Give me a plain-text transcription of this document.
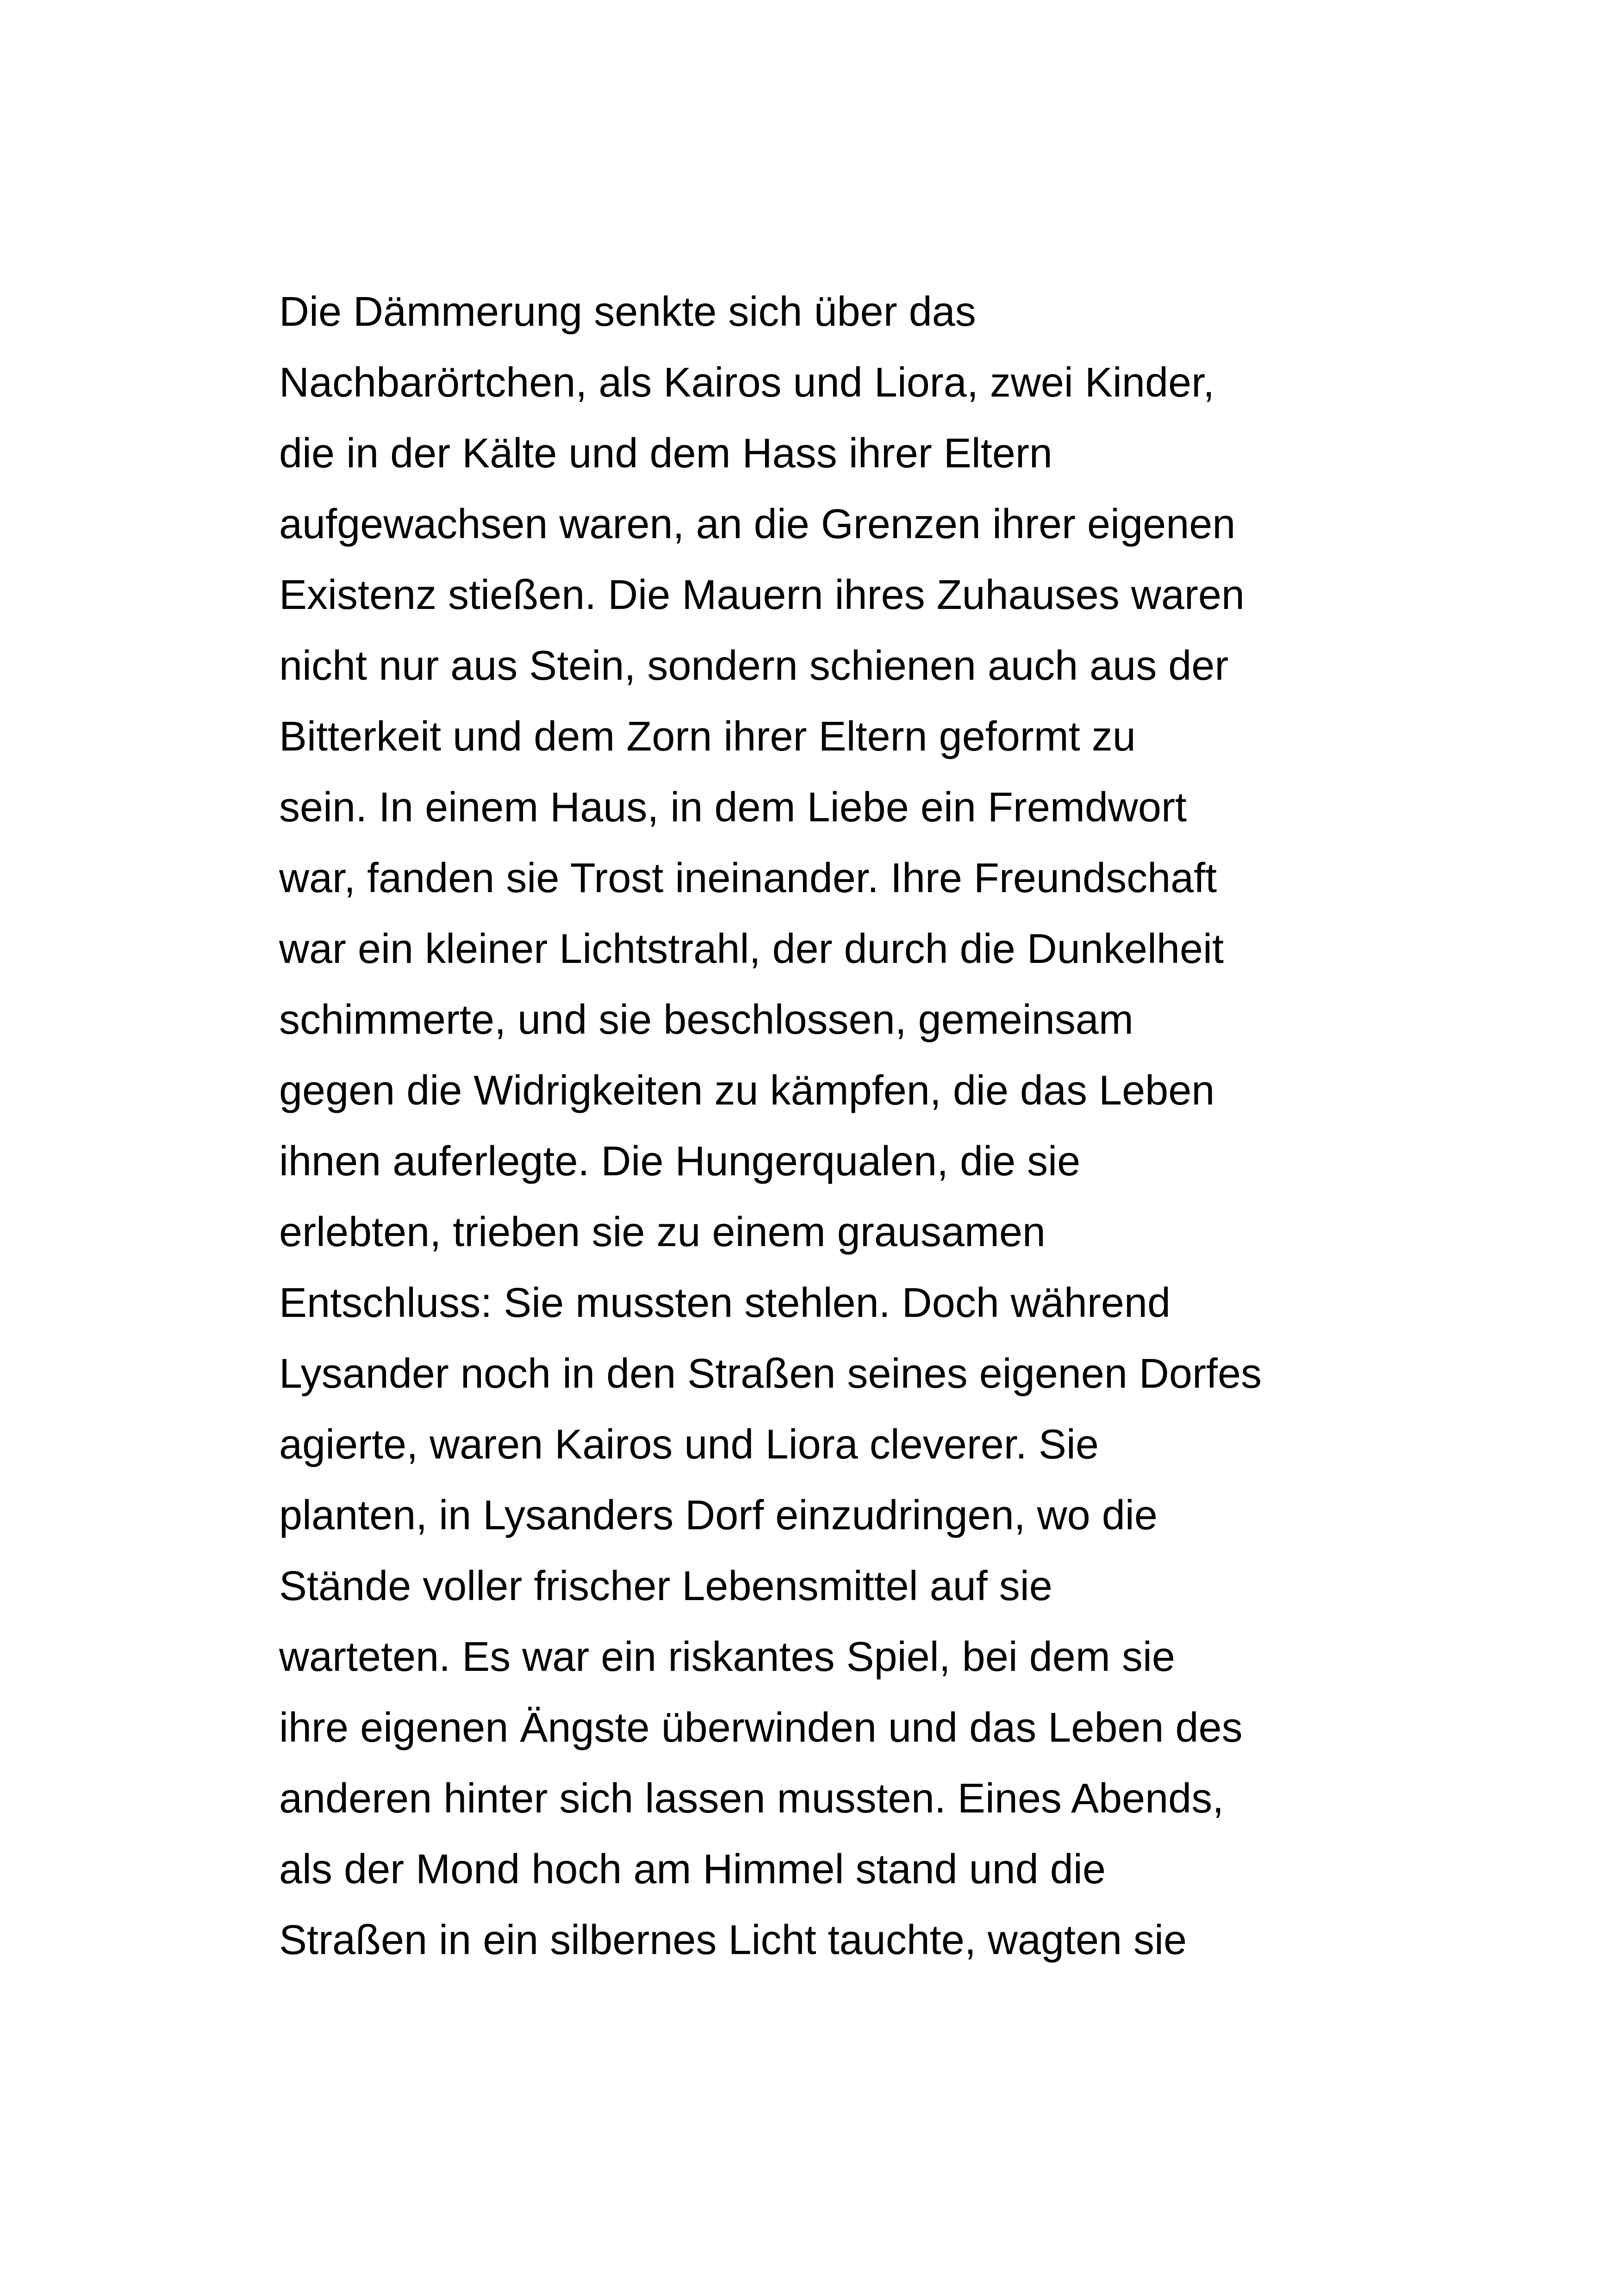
Die Dämmerung senkte sich über das
Nachbarörtchen, als Kairos und Liora, zwei Kinder,
die in der Kälte und dem Hass ihrer Eltern
aufgewachsen waren, an die Grenzen ihrer eigenen
Existenz stießen. Die Mauern ihres Zuhauses waren
nicht nur aus Stein, sondern schienen auch aus der
Bitterkeit und dem Zorn ihrer Eltern geformt zu
sein. In einem Haus, in dem Liebe ein Fremdwort
war, fanden sie Trost ineinander. Ihre Freundschaft
war ein kleiner Lichtstrahl, der durch die Dunkelheit
schimmerte, und sie beschlossen, gemeinsam
gegen die Widrigkeiten zu kämpfen, die das Leben
ihnen auferlegte. Die Hungerqualen, die sie
erlebten, trieben sie zu einem grausamen
Entschluss: Sie mussten stehlen. Doch während
Lysander noch in den Straßen seines eigenen Dorfes
agierte, waren Kairos und Liora cleverer. Sie
planten, in Lysanders Dorf einzudringen, wo die
Stände voller frischer Lebensmittel auf sie
warteten. Es war ein riskantes Spiel, bei dem sie
ihre eigenen Ängste überwinden und das Leben des
anderen hinter sich lassen mussten. Eines Abends,
als der Mond hoch am Himmel stand und die
Straßen in ein silbernes Licht tauchte, wagten sie
